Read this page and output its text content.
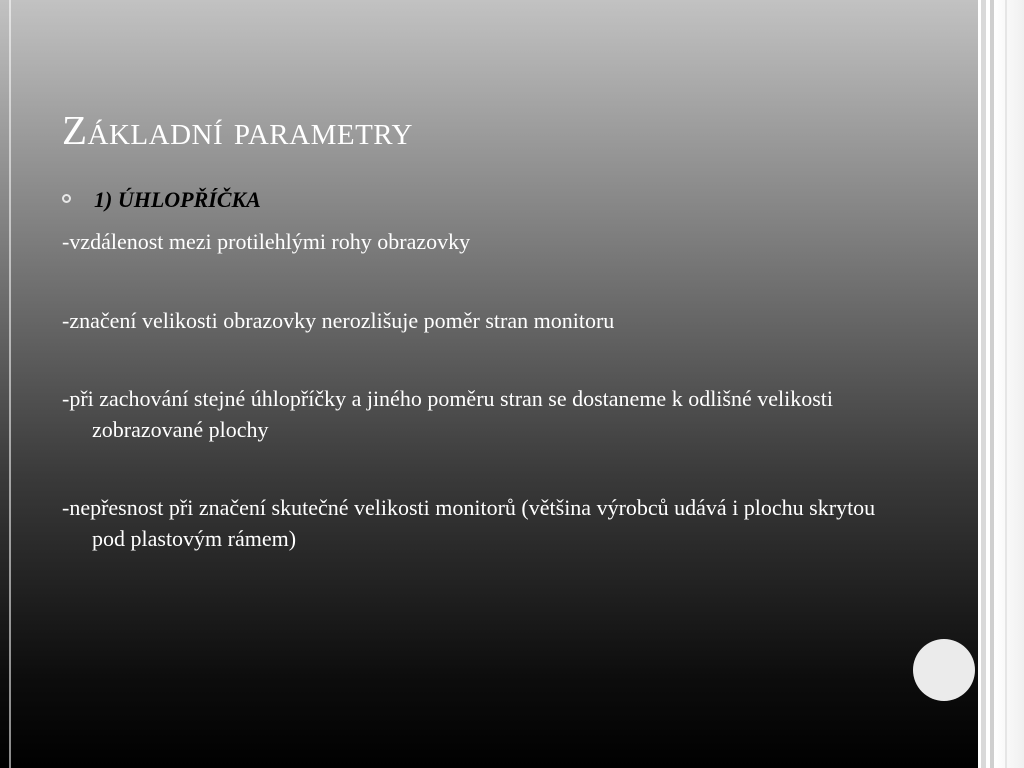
Základní parametry
1) ÚHLOPŘÍČKA

-vzdálenost mezi protilehlými rohy obrazovky

-značení velikosti obrazovky nerozlišuje poměr stran monitoru

-při zachování stejné úhlopříčky a jiného poměru stran se dostaneme k odlišné velikosti zobrazované plochy

-nepřesnost při značení skutečné velikosti monitorů (většina výrobců udává i plochu skrytou pod plastovým rámem)
